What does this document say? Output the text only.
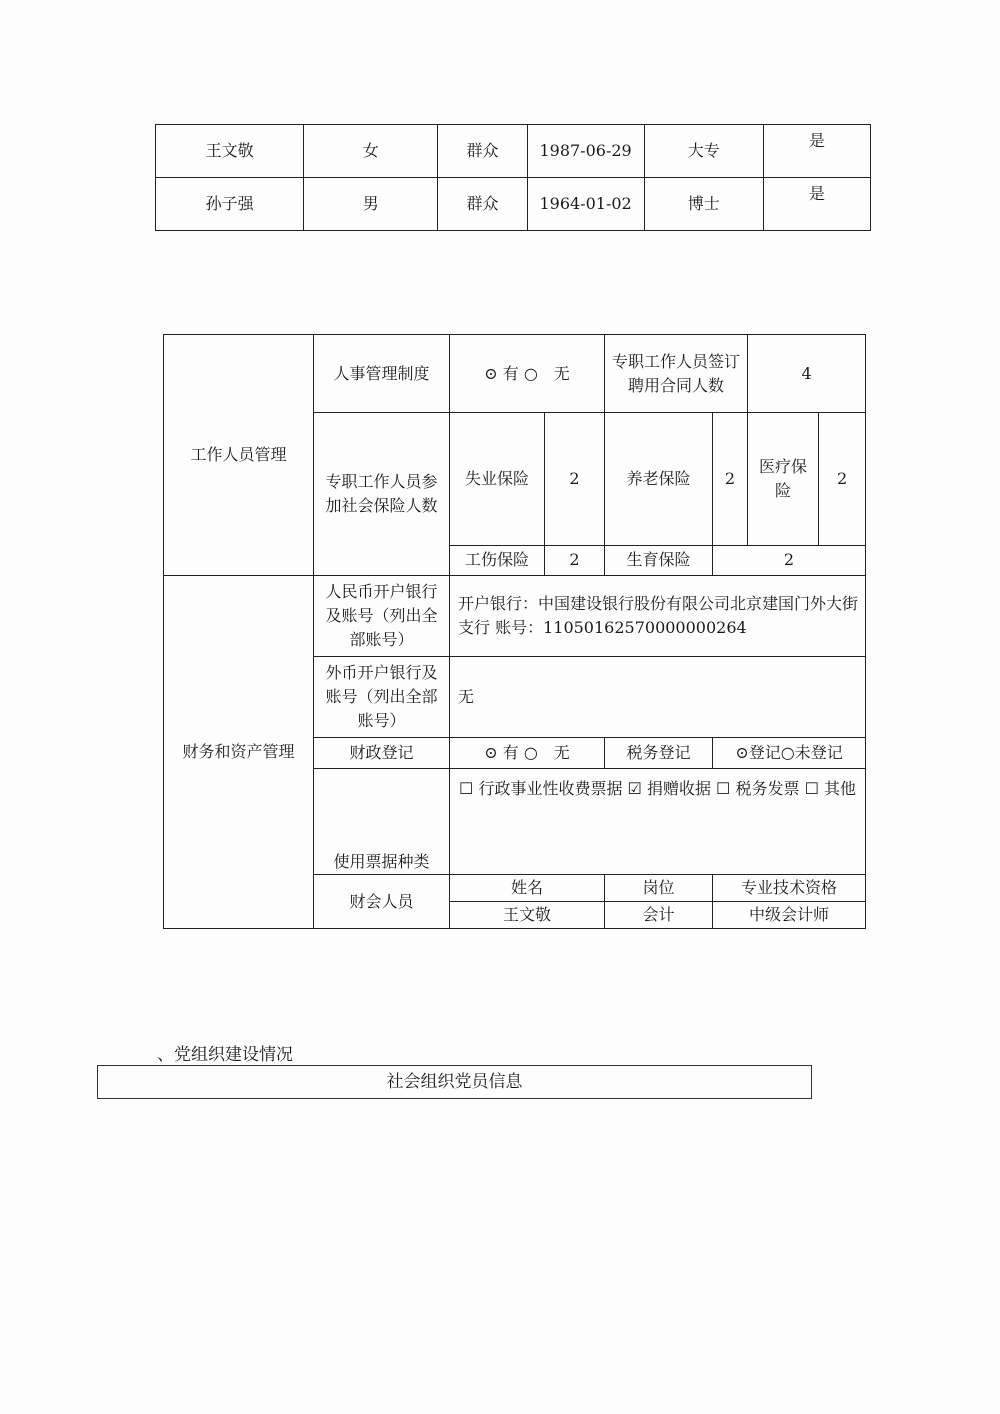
王文敬	女	群众	1987-06-29	大专	是
孙子强	男	群众	1964-01-02	博士	是
工作人员管理	人事管理制度	⊙ 有 ○　无		专职工作人员签订聘用合同人数		4	
	专职工作人员参加社会保险人数	失业保险	2	养老保险	2	医疗保险	2
		工伤保险	2	生育保险	2		
财务和资产管理	人民币开户银行及账号（列出全部账号）	开户银行：中国建设银行股份有限公司北京建国门外大街支行 账号：11050162570000000264					
	外币开户银行及账号（列出全部账号）	无					
	财政登记	⊙ 有 ○　无		税务登记	⊙登记○未登记		
	使用票据种类	☐ 行政事业性收费票据 ☑ 捐赠收据 ☐ 税务发票 ☐ 其他					
	财会人员	姓名		岗位	专业技术资格		
		王文敬		会计	中级会计师		
、党组织建设情况
社会组织党员信息
